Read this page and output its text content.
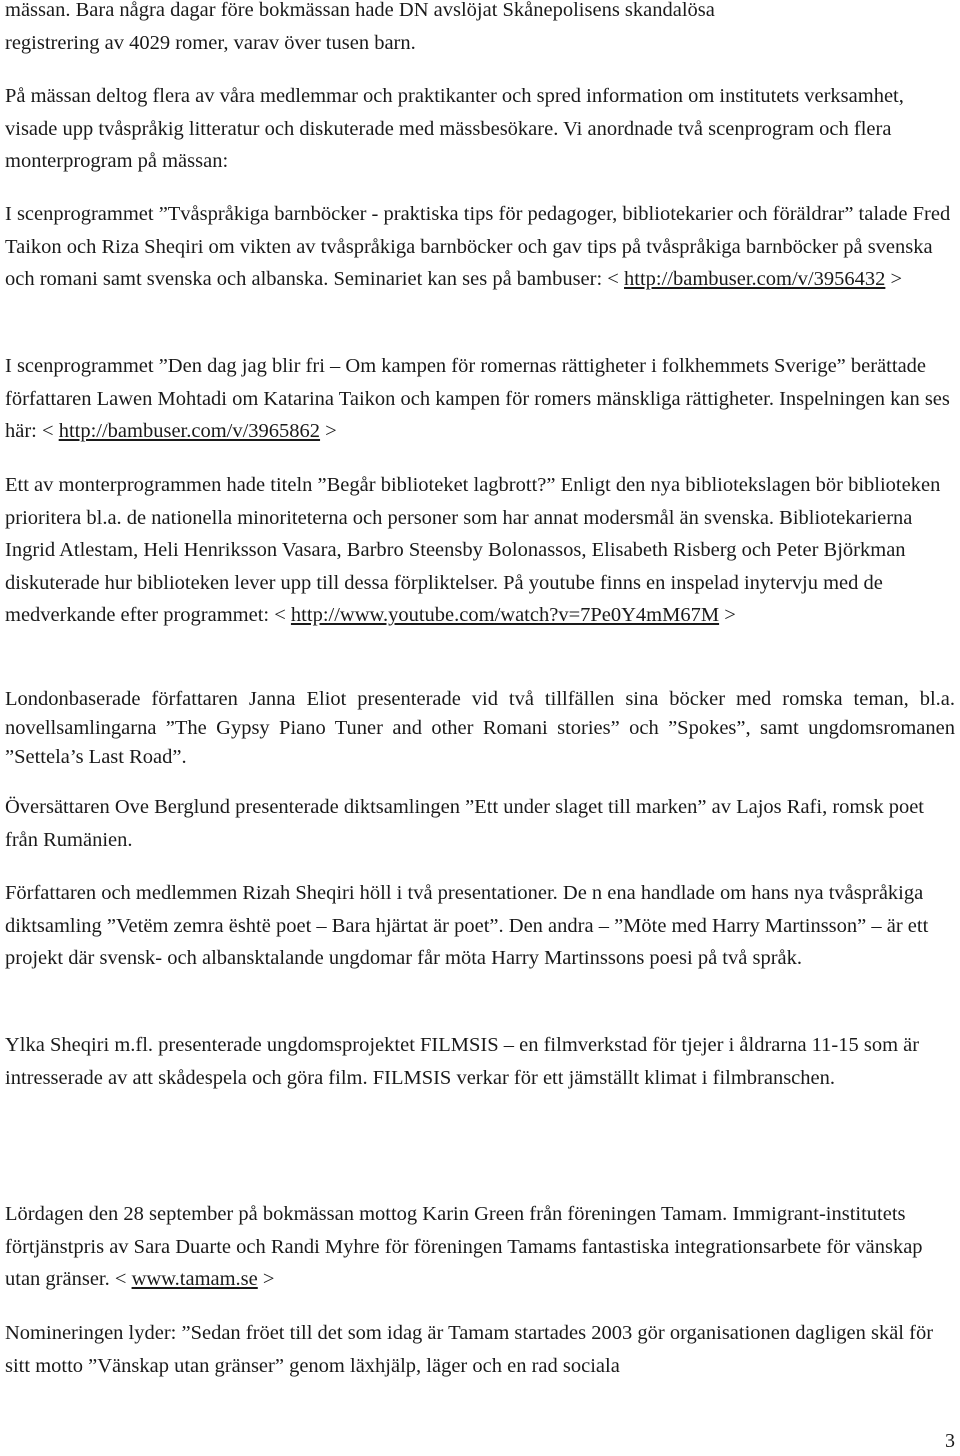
mässan. Bara några dagar före bokmässan hade DN avslöjat Skånepolisens skandalösa
registrering av 4029 romer, varav över tusen barn.

På mässan deltog flera av våra medlemmar och praktikanter och spred information om institutets verksamhet, visade upp tvåspråkig litteratur och diskuterade med mässbesökare. Vi anordnade två scenprogram och flera monterprogram på mässan:

I scenprogrammet ”Tvåspråkiga barnböcker - praktiska tips för pedagoger, bibliotekarier och föräldrar” talade Fred Taikon och Riza Sheqiri om vikten av tvåspråkiga barnböcker och gav tips på tvåspråkiga barnböcker på svenska och romani samt svenska och albanska. Seminariet kan ses på bambuser: < http://bambuser.com/v/3956432 >

I scenprogrammet ”Den dag jag blir fri – Om kampen för romernas rättigheter i folkhemmets Sverige” berättade författaren Lawen Mohtadi om Katarina Taikon och kampen för romers mänskliga rättigheter. Inspelningen kan ses här: < http://bambuser.com/v/3965862 >

Ett av monterprogrammen hade titeln ”Begår biblioteket lagbrott?” Enligt den nya bibliotekslagen bör biblioteken prioritera bl.a. de nationella minoriteterna och personer som har annat modersmål än svenska. Bibliotekarierna Ingrid Atlestam, Heli Henriksson Vasara, Barbro Steensby Bolonassos, Elisabeth Risberg och Peter Björkman diskuterade hur biblioteken lever upp till dessa förpliktelser. På youtube finns en inspelad inytervju med de medverkande efter programmet: < http://www.youtube.com/watch?v=7Pe0Y4mM67M >

Londonbaserade författaren Janna Eliot presenterade vid två tillfällen sina böcker med romska teman, bl.a. novellsamlingarna ”The Gypsy Piano Tuner and other Romani stories” och ”Spokes”, samt ungdomsromanen ”Settela’s Last Road”.

Översättaren Ove Berglund presenterade diktsamlingen ”Ett under slaget till marken” av Lajos Rafi, romsk poet från Rumänien.

Författaren och medlemmen Rizah Sheqiri höll i två presentationer. De n ena handlade om hans nya tvåspråkiga diktsamling ”Vetëm zemra është poet – Bara hjärtat är poet”. Den andra – ”Möte med Harry Martinsson” – är ett projekt där svensk- och albansktalande ungdomar får möta Harry Martinssons poesi på två språk.

Ylka Sheqiri m.fl. presenterade ungdomsprojektet FILMSIS – en filmverkstad för tjejer i åldrarna 11-15 som är intresserade av att skådespela och göra film. FILMSIS verkar för ett jämställt klimat i filmbranschen.

Lördagen den 28 september på bokmässan mottog Karin Green från föreningen Tamam. Immigrant-institutets förtjänstpris av Sara Duarte och Randi Myhre för föreningen Tamams fantastiska integrationsarbete för vänskap utan gränser. < www.tamam.se >

Nomineringen lyder: ”Sedan fröet till det som idag är Tamam startades 2003 gör organisationen dagligen skäl för sitt motto ”Vänskap utan gränser” genom läxhjälp, läger och en rad sociala

3
